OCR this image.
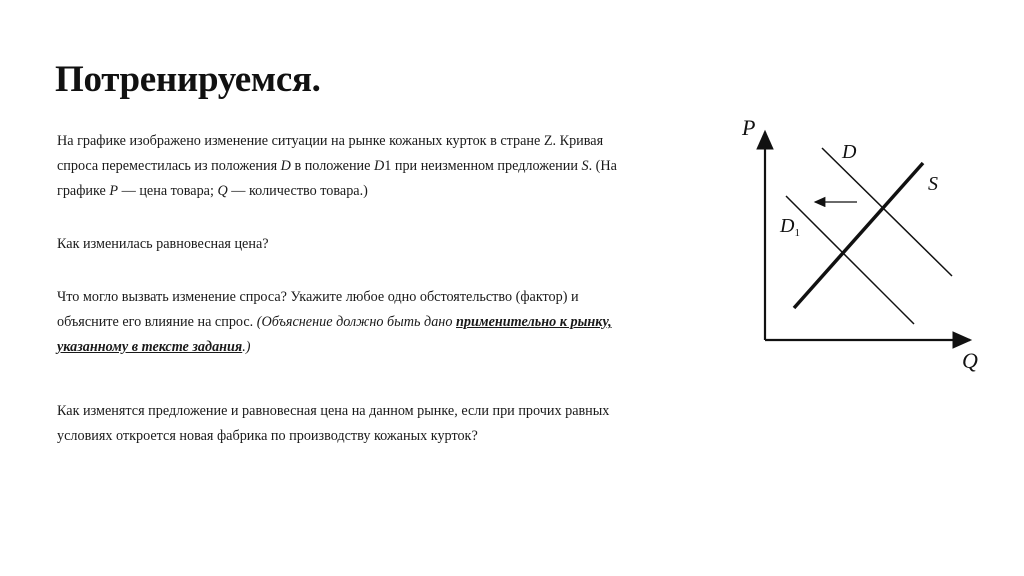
Потренируемся.

На графике изображено изменение ситуации на рынке кожаных курток в стране Z. Кривая спроса переместилась из положения D в положение D1 при неизменном предложении S. (На графике P — цена товара; Q — количество товара.)

Как изменилась равновесная цена?

Что могло вызвать изменение спроса? Укажите любое одно обстоятельство (фактор) и объясните его влияние на спрос. (Объяснение должно быть дано применительно к рынку, указанному в тексте задания.)

Как изменятся предложение и равновесная цена на данном рынке, если при прочих равных условиях откроется новая фабрика по производству кожаных курток?

P
Q
D
S
$D_1$
